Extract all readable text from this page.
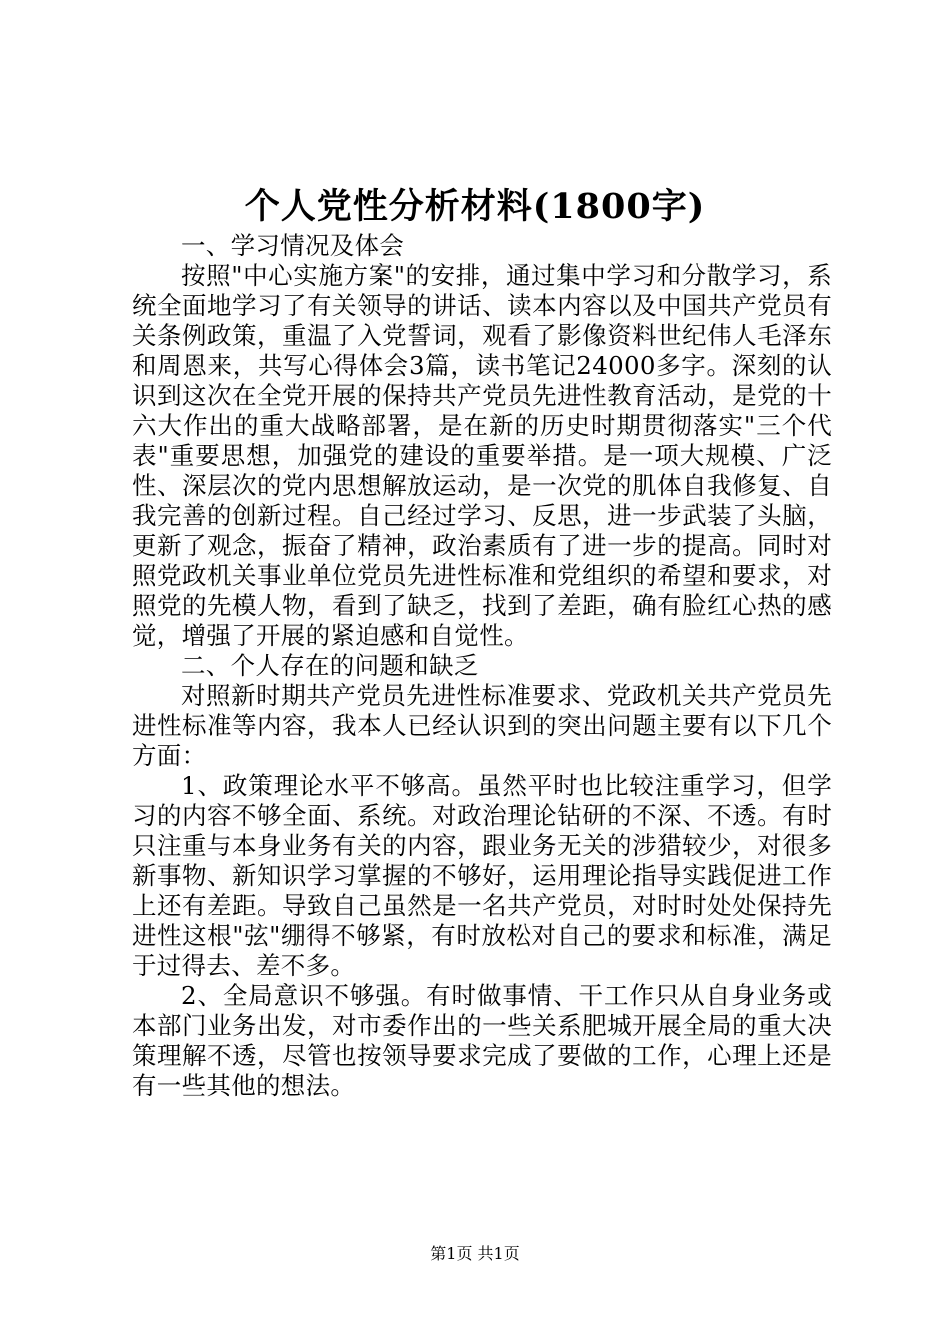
个人党性分析材料(1800字)

一、学习情况及体会

按照"中心实施方案"的安排，通过集中学习和分散学习，系统全面地学习了有关领导的讲话、读本内容以及中国共产党员有关条例政策，重温了入党誓词，观看了影像资料世纪伟人毛泽东和周恩来，共写心得体会3篇，读书笔记24000多字。深刻的认识到这次在全党开展的保持共产党员先进性教育活动，是党的十六大作出的重大战略部署，是在新的历史时期贯彻落实"三个代表"重要思想，加强党的建设的重要举措。是一项大规模、广泛性、深层次的党内思想解放运动，是一次党的肌体自我修复、自我完善的创新过程。自己经过学习、反思，进一步武装了头脑，更新了观念，振奋了精神，政治素质有了进一步的提高。同时对照党政机关事业单位党员先进性标准和党组织的希望和要求，对照党的先模人物，看到了缺乏，找到了差距，确有脸红心热的感觉，增强了开展的紧迫感和自觉性。

二、个人存在的问题和缺乏

对照新时期共产党员先进性标准要求、党政机关共产党员先进性标准等内容，我本人已经认识到的突出问题主要有以下几个方面：

1、政策理论水平不够高。虽然平时也比较注重学习，但学习的内容不够全面、系统。对政治理论钻研的不深、不透。有时只注重与本身业务有关的内容，跟业务无关的涉猎较少，对很多新事物、新知识学习掌握的不够好，运用理论指导实践促进工作上还有差距。导致自己虽然是一名共产党员，对时时处处保持先进性这根"弦"绷得不够紧，有时放松对自己的要求和标准，满足于过得去、差不多。

2、全局意识不够强。有时做事情、干工作只从自身业务或本部门业务出发，对市委作出的一些关系肥城开展全局的重大决策理解不透，尽管也按领导要求完成了要做的工作，心理上还是有一些其他的想法。

第1页 共1页
